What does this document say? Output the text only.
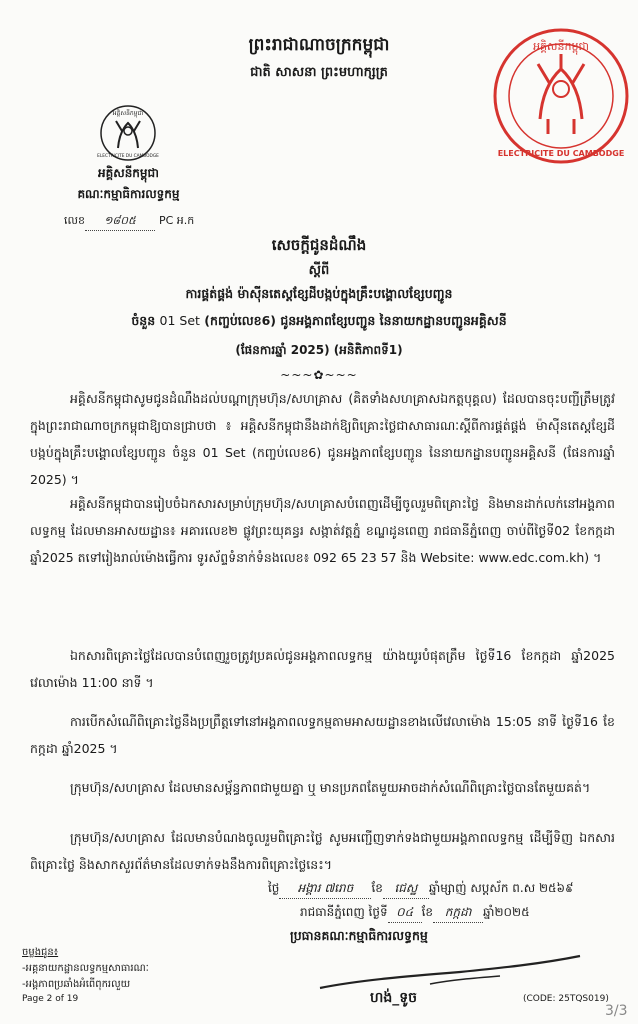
អគ្គិសនីកម្ពុជា
ELECTRICITE DU CAMBODGE
ព្រះរាជាណាចក្រកម្ពុជា
ជាតិ សាសនា ព្រះមហាក្សត្រ
អគ្គិសនីកម្ពុជា
ELECTRICITE DU CAMBODGE
អគ្គិសនីកម្ពុជា
គណៈកម្មាធិការលទ្ធកម្ម
លេខ ១៨០៥ PC អ.ក
សេចក្តីជូនដំណឹង
ស្តីពី
ការផ្គត់ផ្គង់ ម៉ាស៊ីនតេស្តខ្សែដីបង្កប់ក្នុងគ្រឹះបង្គោលខ្សែបញ្ជូន
ចំនួន 01 Set (កញ្ចប់លេខ6) ជូនអង្គភាពខ្សែបញ្ជូន នៃនាយកដ្ឋានបញ្ជូនអគ្គិសនី
(ផែនការឆ្នាំ 2025) (អនិតិភាពទី1)
~~~✿~~~
អគ្គិសនីកម្ពុជាសូមជូនដំណឹងដល់បណ្តាក្រុមហ៊ុន/សហគ្រាស (គិតទាំងសហគ្រាសឯកត្តបុគ្គល) ដែលបានចុះបញ្ជីត្រឹមត្រូវក្នុងព្រះរាជាណាចក្រកម្ពុជាឱ្យបានជ្រាបថា ៖ អគ្គិសនីកម្ពុជានឹងដាក់ឱ្យពិគ្រោះថ្លៃជាសាធារណៈស្តីពីការផ្គត់ផ្គង់ ម៉ាស៊ីនតេស្តខ្សែដីបង្កប់ក្នុងគ្រឹះបង្គោលខ្សែបញ្ជូន ចំនួន 01 Set (កញ្ចប់លេខ6) ជូនអង្គភាពខ្សែបញ្ជូន នៃនាយកដ្ឋានបញ្ជូនអគ្គិសនី (ផែនការឆ្នាំ 2025) ។
អគ្គិសនីកម្ពុជាបានរៀបចំឯកសារសម្រាប់ក្រុមហ៊ុន/សហគ្រាសបំពេញដើម្បីចូលរួមពិគ្រោះថ្លៃ និងមានដាក់លក់នៅអង្គភាពលទ្ធកម្ម ដែលមានអាសយដ្ឋាន៖ អគារលេខ២ ផ្លូវព្រះយុគន្ធរ សង្កាត់វត្តភ្នំ ខណ្ឌដូនពេញ រាជធានីភ្នំពេញ ចាប់ពីថ្ងៃទី02 ខែកក្កដា ឆ្នាំ2025 តទៅរៀងរាល់ម៉ោងធ្វើការ ទូរស័ព្ទទំនាក់ទំនងលេខ៖ 092 65 23 57 និង Website: www.edc.com.kh) ។
ឯកសារពិគ្រោះថ្លៃដែលបានបំពេញរួចត្រូវប្រគល់ជូនអង្គភាពលទ្ធកម្ម យ៉ាងយូរបំផុតត្រឹម ថ្ងៃទី16 ខែកក្កដា ឆ្នាំ2025 វេលាម៉ោង 11:00 នាទី ។
ការបើកសំណើពិគ្រោះថ្លៃនឹងប្រព្រឹត្តទៅនៅអង្គភាពលទ្ធកម្មតាមអាសយដ្ឋានខាងលើវេលាម៉ោង 15:05 នាទី ថ្ងៃទី16 ខែកក្កដា ឆ្នាំ2025 ។
ក្រុមហ៊ុន/សហគ្រាស ដែលមានសម្ព័ន្ធភាពជាមួយគ្នា ឬ មានប្រភពតែមួយអាចដាក់សំណើពិគ្រោះថ្លៃបានតែមួយគត់។
ក្រុមហ៊ុន/សហគ្រាស ដែលមានបំណងចូលរួមពិគ្រោះថ្លៃ សូមអញ្ជើញទាក់ទងជាមួយអង្គភាពលទ្ធកម្ម ដើម្បីទិញ ឯកសារពិគ្រោះថ្លៃ និងសាកសួរព័ត៌មានដែលទាក់ទងនឹងការពិគ្រោះថ្លៃនេះ។
ថ្ងៃ អង្គារ ៧រោច ខែ ជេស្ឋ ឆ្នាំម្សាញ់ សប្តស័ក ព.ស ២៥៦៩
រាជធានីភ្នំពេញ ថ្ងៃទី ០៤ ខែ កក្កដា ឆ្នាំ២០២៥
ប្រធានគណៈកម្មាធិការលទ្ធកម្ម
ហង់_ទូច
ចម្លងជូន៖
-អគ្គនាយកដ្ឋានលទ្ធកម្មសាធារណៈ
-អង្គភាពប្រឆាំងអំពើពុករលួយ
Page 2 of 19	(CODE: 25TQS019)
3/3
